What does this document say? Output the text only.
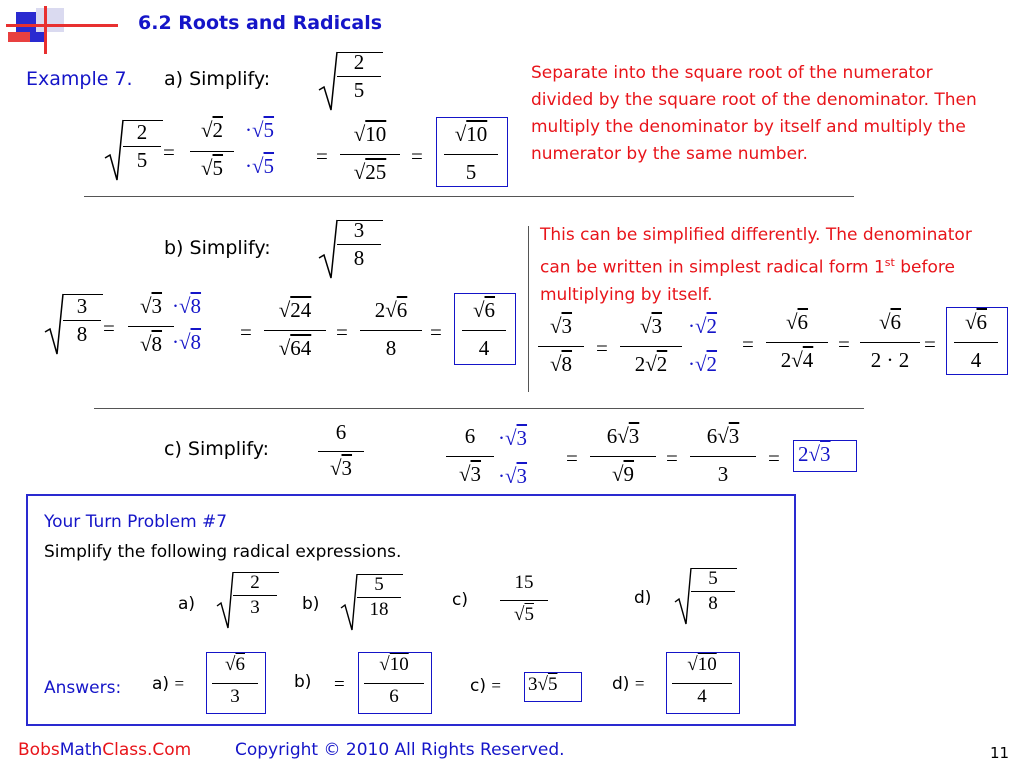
6.2 Roots and Radicals
Example 7. a) Simplify:
2
5
Separate into the square root of the numerator divided by the square root of the denominator. Then multiply the denominator by itself and multiply the numerator by the same number.
2
5 =
√2
√5
·√5
·√5 =
√10
√25
=
√10
5
b) Simplify:
3
8
This can be simplified differently. The denominator can be written in simplest radical form 1st before multiplying by itself.
3
8 =
√3
√8
·√8
·√8 =
√24
√64
=
2√6
8
=
√6
4
√3
√8
=
√3
2√2
·√2
·√2
=
√6
2√4
=
√6
2 · 2
=
√6
4
c) Simplify:
6
√3
6
√3
·√3
·√3
=
6√3
√9
=
6√3
3
= 2√3
Your Turn Problem #7
Simplify the following radical expressions.
a)
2
3 b)
5
18	c)
15
√5
d)
5
8
Answers: a) =
√6
3
b) =
√10
6	c) = 3√5	d) =
√10
4
BobsMathClass.Com	Copyright © 2010 All Rights Reserved.	11
